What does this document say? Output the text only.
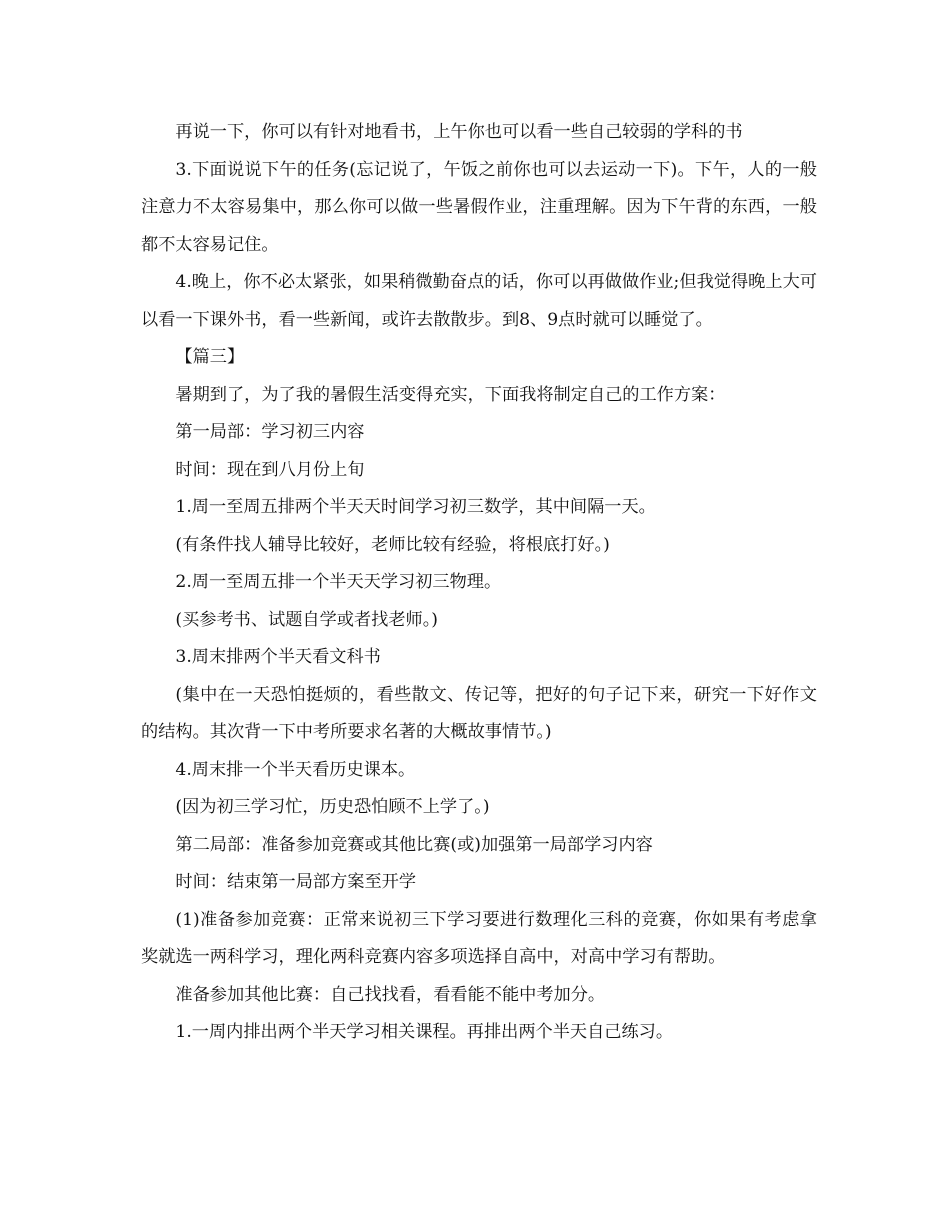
再说一下，你可以有针对地看书，上午你也可以看一些自己较弱的学科的书

3.下面说说下午的任务(忘记说了，午饭之前你也可以去运动一下)。下午，人的一般注意力不太容易集中，那么你可以做一些暑假作业，注重理解。因为下午背的东西，一般都不太容易记住。

4.晚上，你不必太紧张，如果稍微勤奋点的话，你可以再做做作业;但我觉得晚上大可以看一下课外书，看一些新闻，或许去散散步。到8、9点时就可以睡觉了。

【篇三】

暑期到了，为了我的暑假生活变得充实，下面我将制定自己的工作方案：

第一局部：学习初三内容

时间：现在到八月份上旬

1.周一至周五排两个半天天时间学习初三数学，其中间隔一天。

(有条件找人辅导比较好，老师比较有经验，将根底打好。)

2.周一至周五排一个半天天学习初三物理。

(买参考书、试题自学或者找老师。)

3.周末排两个半天看文科书

(集中在一天恐怕挺烦的，看些散文、传记等，把好的句子记下来，研究一下好作文的结构。其次背一下中考所要求名著的大概故事情节。)

4.周末排一个半天看历史课本。

(因为初三学习忙，历史恐怕顾不上学了。)

第二局部：准备参加竞赛或其他比赛(或)加强第一局部学习内容

时间：结束第一局部方案至开学

(1)准备参加竞赛：正常来说初三下学习要进行数理化三科的竞赛，你如果有考虑拿奖就选一两科学习，理化两科竞赛内容多项选择自高中，对高中学习有帮助。

准备参加其他比赛：自己找找看，看看能不能中考加分。

1.一周内排出两个半天学习相关课程。再排出两个半天自己练习。
